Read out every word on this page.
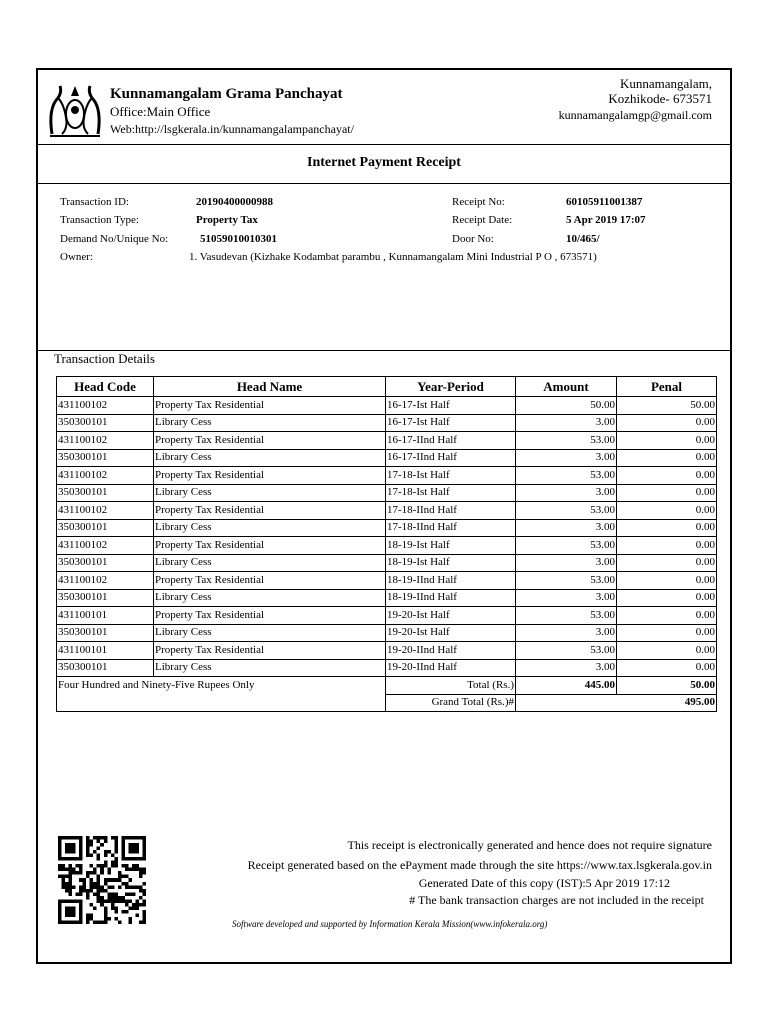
Kunnamangalam Grama Panchayat
Office:Main Office
Web:http://lsgkerala.in/kunnamangalampanchayat/
Kunnamangalam,
Kozhikode- 673571
kunnamangalamgp@gmail.com
Internet Payment Receipt
Transaction ID:	20190400000988
Transaction Type:	Property Tax
Demand No/Unique No:	51059010010301
Owner:	1. Vasudevan (Kizhake Kodambat parambu , Kunnamangalam Mini Industrial P O , 673571)
Receipt No:	60105911001387
Receipt Date:	5 Apr 2019 17:07
Door No:	10/465/
Transaction Details
Head Code	Head Name	Year-Period	Amount	Penal
431100102	Property Tax Residential	16-17-Ist Half	50.00	50.00
350300101	Library Cess	16-17-Ist Half	3.00	0.00
431100102	Property Tax Residential	16-17-IInd Half	53.00	0.00
350300101	Library Cess	16-17-IInd Half	3.00	0.00
431100102	Property Tax Residential	17-18-Ist Half	53.00	0.00
350300101	Library Cess	17-18-Ist Half	3.00	0.00
431100102	Property Tax Residential	17-18-IInd Half	53.00	0.00
350300101	Library Cess	17-18-IInd Half	3.00	0.00
431100102	Property Tax Residential	18-19-Ist Half	53.00	0.00
350300101	Library Cess	18-19-Ist Half	3.00	0.00
431100102	Property Tax Residential	18-19-IInd Half	53.00	0.00
350300101	Library Cess	18-19-IInd Half	3.00	0.00
431100101	Property Tax Residential	19-20-Ist Half	53.00	0.00
350300101	Library Cess	19-20-Ist Half	3.00	0.00
431100101	Property Tax Residential	19-20-IInd Half	53.00	0.00
350300101	Library Cess	19-20-IInd Half	3.00	0.00
Four Hundred and Ninety-Five Rupees Only		Total (Rs.)	445.00	50.00
		Grand Total (Rs.)#	495.00	
This receipt is electronically generated and hence does not require signature
Receipt generated based on the ePayment made through the site https://www.tax.lsgkerala.gov.in
Generated Date of this copy (IST):5 Apr 2019 17:12
# The bank transaction charges are not included in the receipt
Software developed and supported by Information Kerala Mission(www.infokerala.org)
